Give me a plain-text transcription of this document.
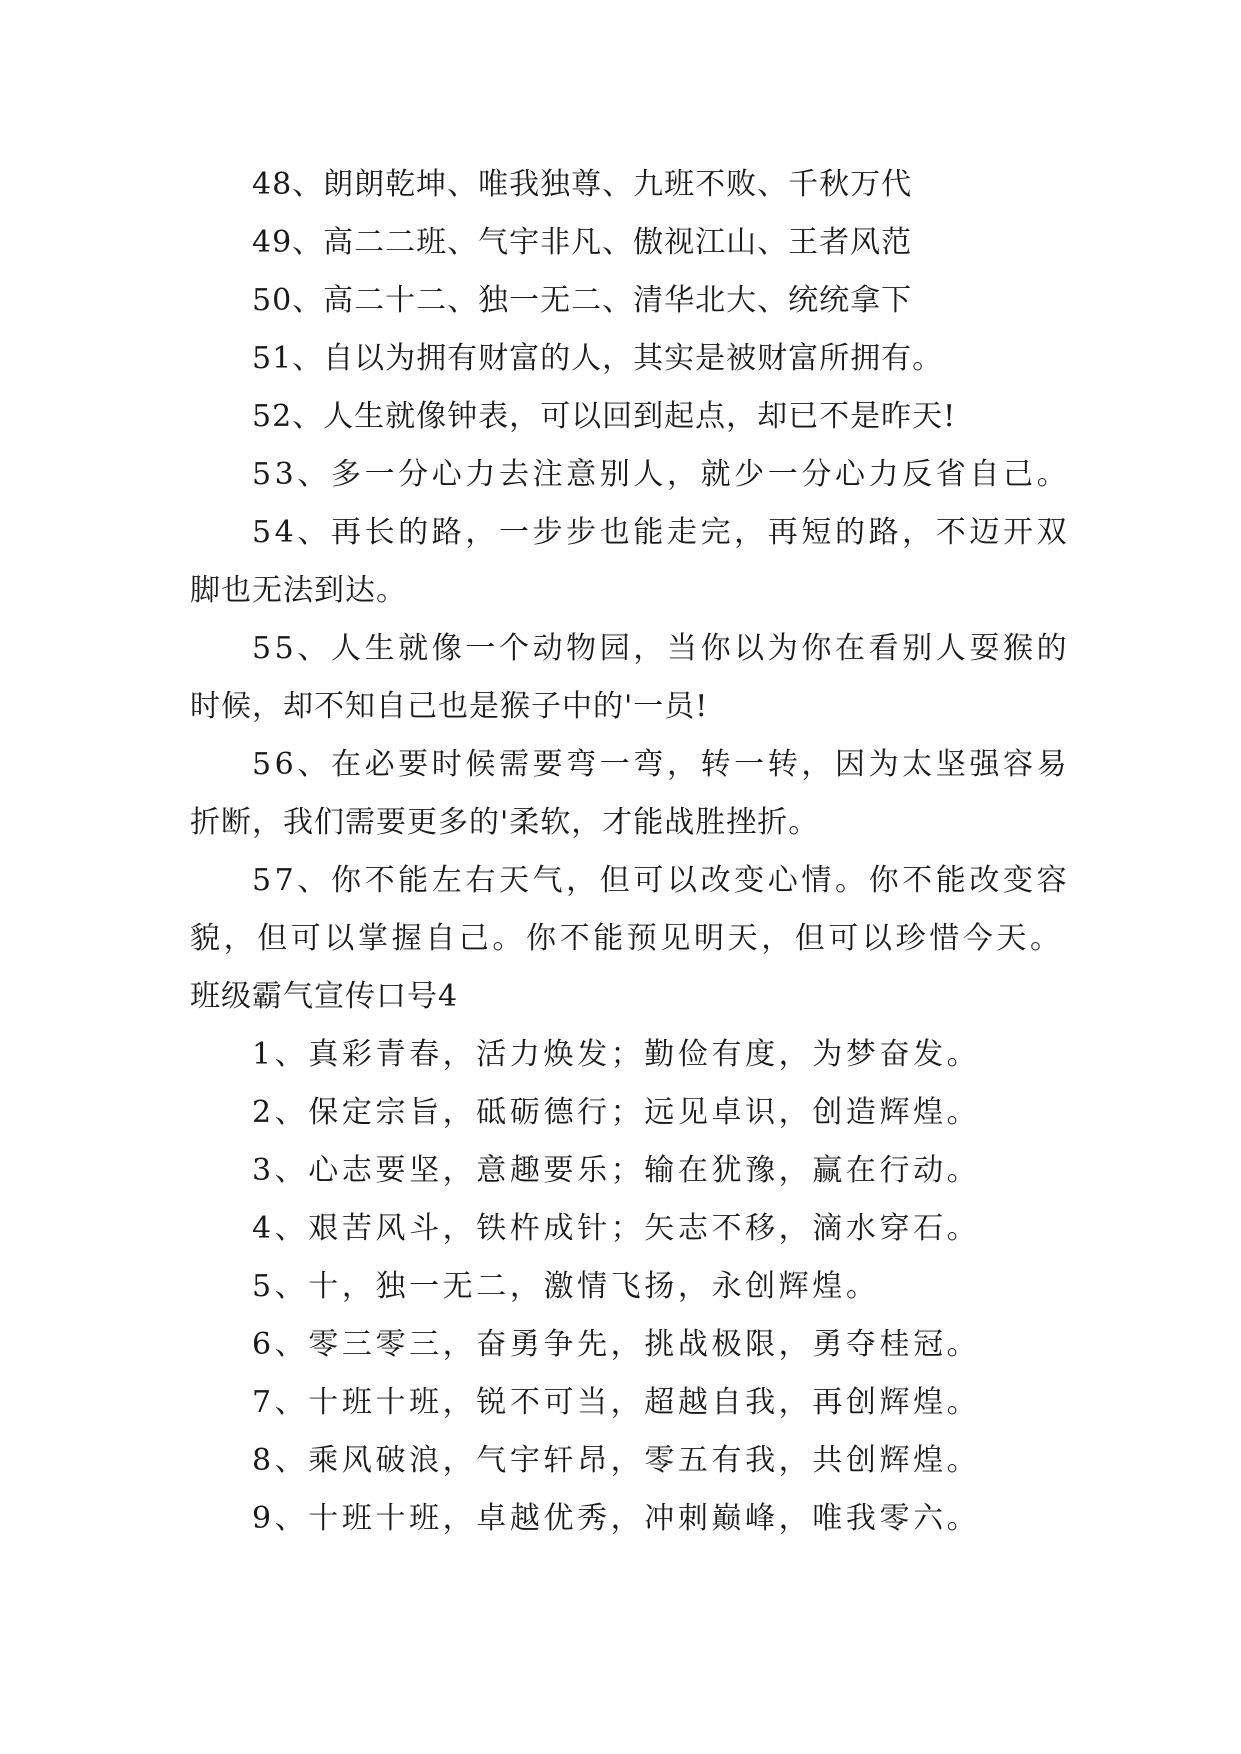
48、朗朗乾坤、唯我独尊、九班不败、千秋万代
49、高二二班、气宇非凡、傲视江山、王者风范
50、高二十二、独一无二、清华北大、统统拿下
51、自以为拥有财富的人，其实是被财富所拥有。
52、人生就像钟表，可以回到起点，却已不是昨天!
53、多一分心力去注意别人，就少一分心力反省自己。
54、再长的路，一步步也能走完，再短的路，不迈开双
脚也无法到达。
55、人生就像一个动物园，当你以为你在看别人耍猴的
时候，却不知自己也是猴子中的'一员!
56、在必要时候需要弯一弯，转一转，因为太坚强容易
折断，我们需要更多的'柔软，才能战胜挫折。
57、你不能左右天气，但可以改变心情。你不能改变容
貌，但可以掌握自己。你不能预见明天，但可以珍惜今天。
班级霸气宣传口号4
1、真彩青春，活力焕发；勤俭有度，为梦奋发。
2、保定宗旨，砥砺德行；远见卓识，创造辉煌。
3、心志要坚，意趣要乐；输在犹豫，赢在行动。
4、艰苦风斗，铁杵成针；矢志不移，滴水穿石。
5、十，独一无二，激情飞扬，永创辉煌。
6、零三零三，奋勇争先，挑战极限，勇夺桂冠。
7、十班十班，锐不可当，超越自我，再创辉煌。
8、乘风破浪，气宇轩昂，零五有我，共创辉煌。
9、十班十班，卓越优秀，冲刺巅峰，唯我零六。
